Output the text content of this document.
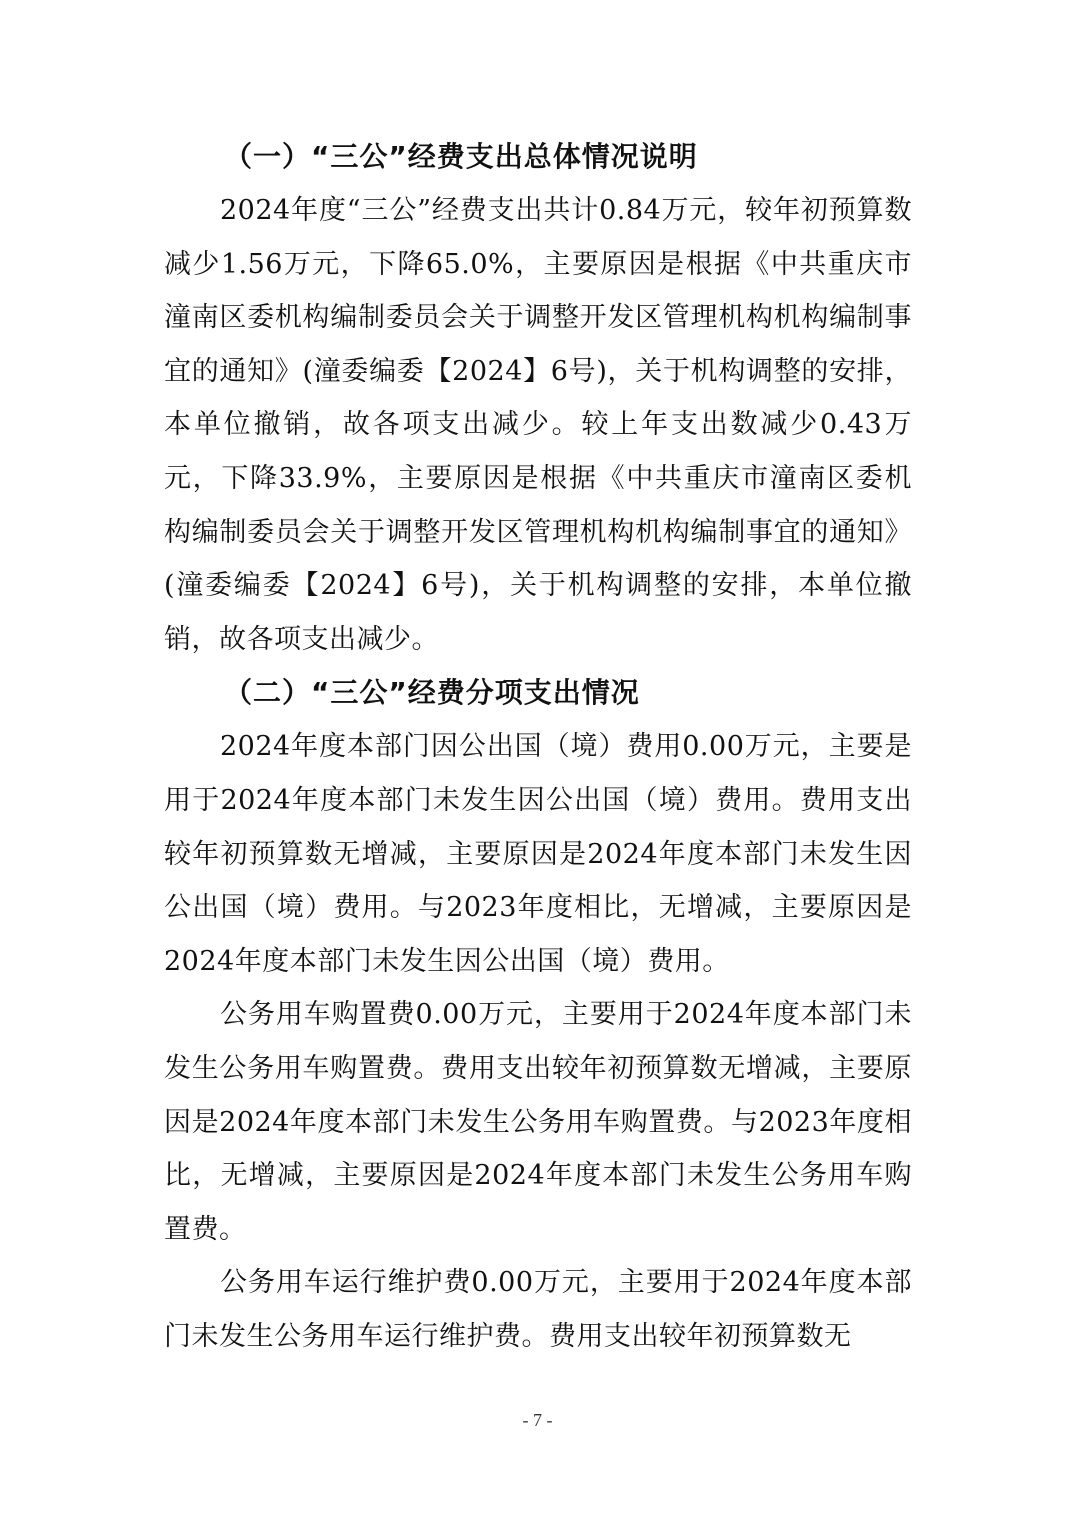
（一）“三公”经费支出总体情况说明

2024年度“三公”经费支出共计0.84万元，较年初预算数减少1.56万元，下降65.0%，主要原因是根据《中共重庆市潼南区委机构编制委员会关于调整开发区管理机构机构编制事宜的通知》(潼委编委【2024】6号)，关于机构调整的安排，本单位撤销，故各项支出减少。较上年支出数减少0.43万元，下降33.9%，主要原因是根据《中共重庆市潼南区委机构编制委员会关于调整开发区管理机构机构编制事宜的通知》(潼委编委【2024】6号)，关于机构调整的安排，本单位撤销，故各项支出减少。

（二）“三公”经费分项支出情况

2024年度本部门因公出国（境）费用0.00万元，主要是用于2024年度本部门未发生因公出国（境）费用。费用支出较年初预算数无增减，主要原因是2024年度本部门未发生因公出国（境）费用。与2023年度相比，无增减，主要原因是2024年度本部门未发生因公出国（境）费用。

公务用车购置费0.00万元，主要用于2024年度本部门未发生公务用车购置费。费用支出较年初预算数无增减，主要原因是2024年度本部门未发生公务用车购置费。与2023年度相比，无增减，主要原因是2024年度本部门未发生公务用车购置费。

公务用车运行维护费0.00万元，主要用于2024年度本部门未发生公务用车运行维护费。费用支出较年初预算数无

- 7 -
